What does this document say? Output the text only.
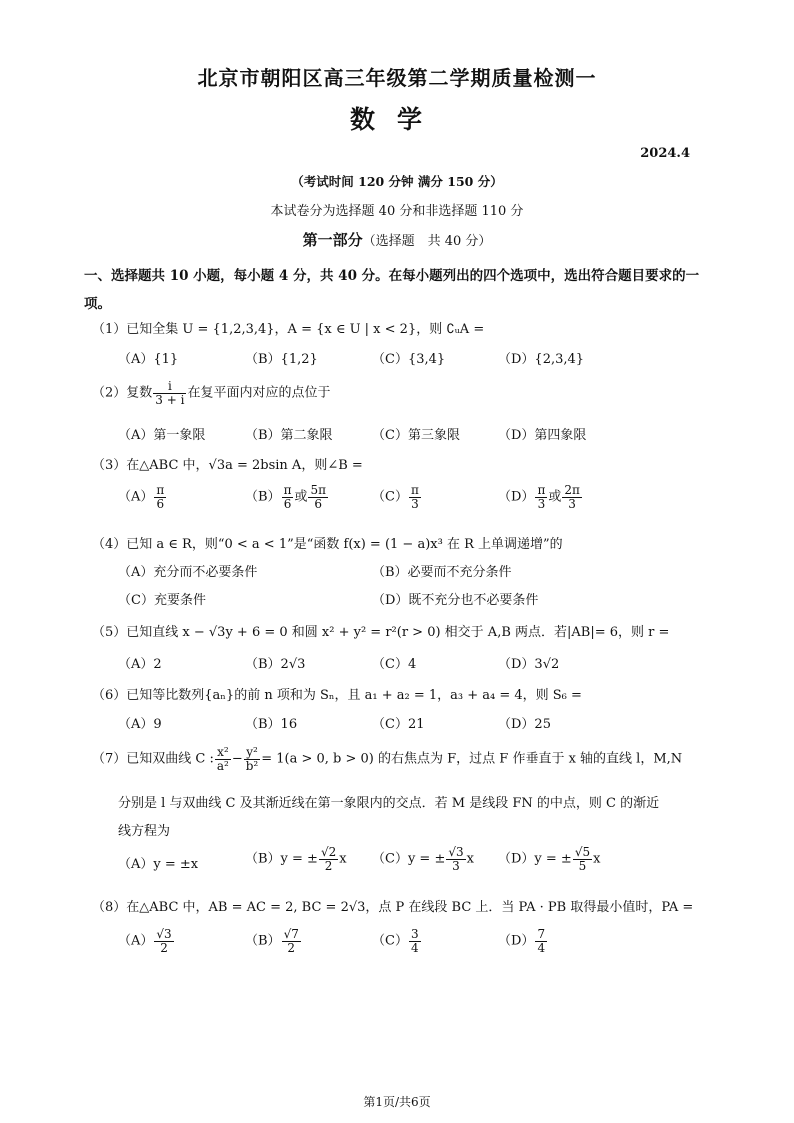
北京市朝阳区高三年级第二学期质量检测一
数学
2024.4
（考试时间 120 分钟 满分 150 分）
本试卷分为选择题 40 分和非选择题 110 分
第一部分（选择题　共 40 分）
一、选择题共 10 小题，每小题 4 分，共 40 分。在每小题列出的四个选项中，选出符合题目要求的一项。
（1）已知全集 U = {1,2,3,4}，A = {x ∈ U | x < 2}，则 ∁ᵤA =
（A）{1}	（B）{1,2}	（C）{3,4}	（D）{2,3,4}
（2）复数 $\frac{i}{3 + i}$ 在复平面内对应的点位于
（A）第一象限	（B）第二象限	（C）第三象限	（D）第四象限
（3）在△ABC 中，√3a = 2bsin A，则∠B =
$(A) \frac{\pi}{6}$	$(B) \frac{\pi}{6}$ 或 $\frac{5\pi}{6}$	$(C) \frac{\pi}{3}$	$(D) \frac{\pi}{3}$ 或 $\frac{2\pi}{3}$
（4）已知 a ∈ R，则“0 < a < 1”是“函数 f(x) = (1 − a)x³ 在 R 上单调递增”的
（A）充分而不必要条件	（B）必要而不充分条件
（C）充要条件	（D）既不充分也不必要条件
（5）已知直线 x − √3y + 6 = 0 和圆 x² + y² = r²(r > 0) 相交于 A,B 两点．若|AB|= 6，则 r =
（A）2	（B）2√3	（C）4	（D）3√2
（6）已知等比数列{aₙ}的前 n 项和为 Sₙ，且 a₁ + a₂ = 1，a₃ + a₄ = 4，则 S₆ =
（A）9	（B）16	（C）21	（D）25
（7）已知双曲线 C : $\frac{\text{x²}}{\text{a²}} - \frac{\text{y²}}{\text{b²}} = 1(a > 0$, b > 0) 的右焦点为 F，过点 F 作垂直于 x 轴的直线 l，M,N
分别是 l 与双曲线 C 及其渐近线在第一象限内的交点．若 M 是线段 FN 的中点，则 C 的渐近
线方程为
（A）y = ±x	（B）y = ± $\frac{√2}{2}$ x （C）y = ± $\frac{√3}{3}$ x （D）y = ± $\frac{√5}{5}$ x
（8）在△ABC 中，AB = AC = 2, BC = 2√3，点 P 在线段 BC 上．当 PA · PB 取得最小值时，PA =
$(A) \frac{√3}{2}$	$(B) \frac{√7}{2}$	$(C) \frac{3}{4}$	$(D) \frac{7}{4}$
第1页/共6页
